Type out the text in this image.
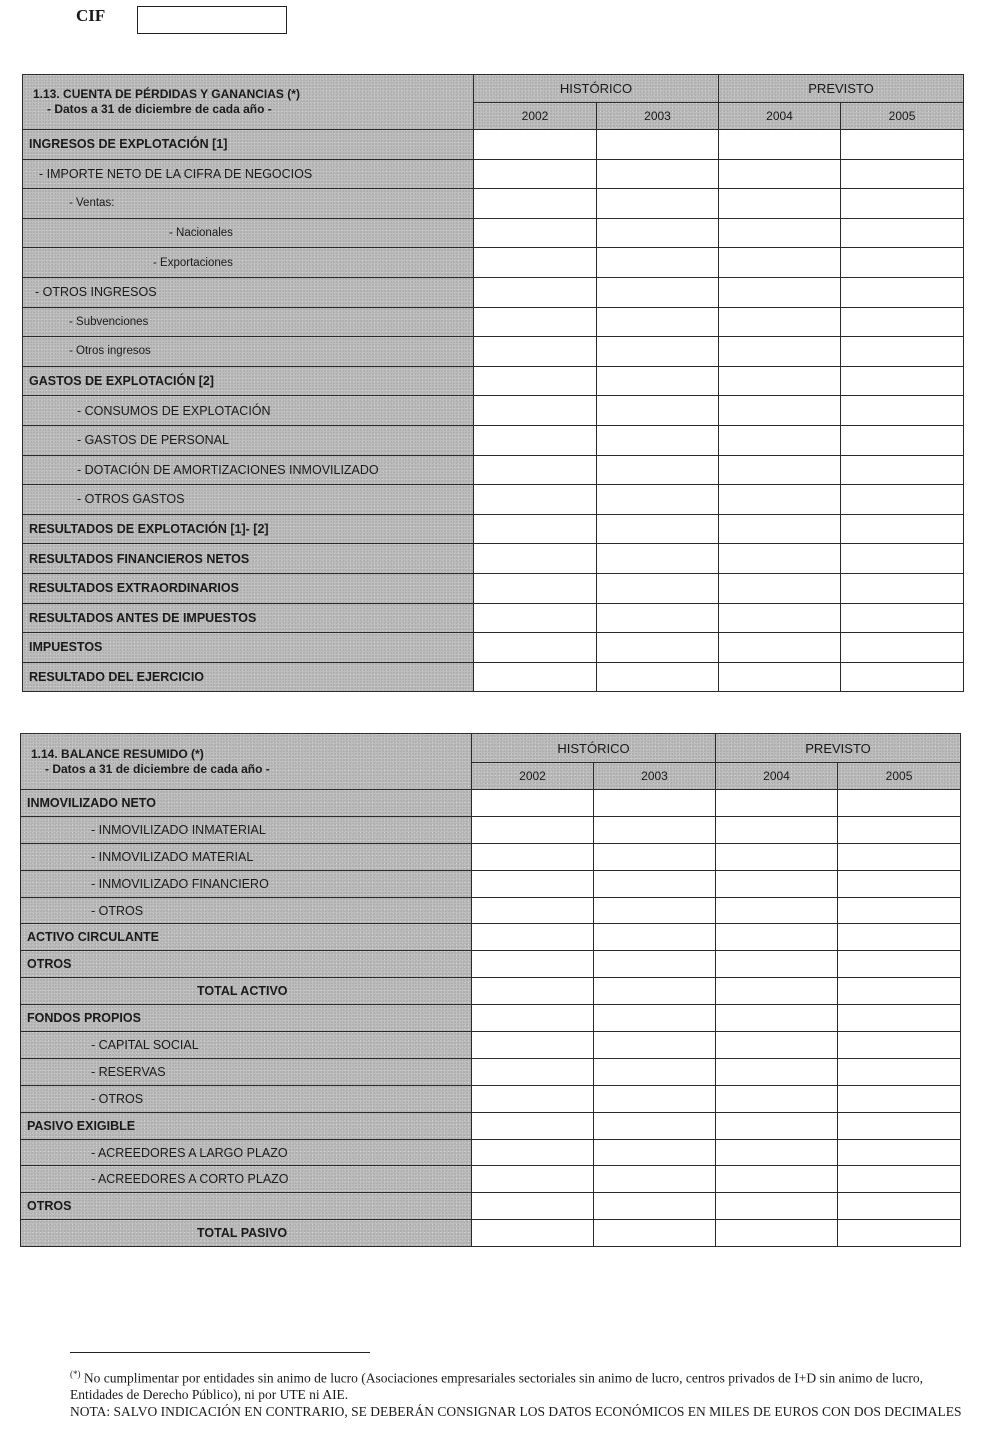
CIF
1.13. CUENTA DE PÉRDIDAS Y GANANCIAS (*)
- Datos a 31 de diciembre de cada año -	HISTÓRICO		PREVISTO	
	2002	2003	2004	2005
INGRESOS DE EXPLOTACIÓN [1]				
- IMPORTE NETO DE LA CIFRA DE NEGOCIOS				
- Ventas:				
- Nacionales				
- Exportaciones				
- OTROS INGRESOS				
- Subvenciones				
- Otros ingresos				
GASTOS DE EXPLOTACIÓN [2]				
- CONSUMOS DE EXPLOTACIÓN				
- GASTOS DE PERSONAL				
- DOTACIÓN DE AMORTIZACIONES INMOVILIZADO				
- OTROS GASTOS				
RESULTADOS DE EXPLOTACIÓN [1]- [2]				
RESULTADOS FINANCIEROS NETOS				
RESULTADOS EXTRAORDINARIOS				
RESULTADOS ANTES DE IMPUESTOS				
IMPUESTOS				
RESULTADO DEL EJERCICIO				
1.14. BALANCE RESUMIDO (*)
- Datos a 31 de diciembre de cada año -	HISTÓRICO		PREVISTO	
	2002	2003	2004	2005
INMOVILIZADO NETO				
- INMOVILIZADO INMATERIAL				
- INMOVILIZADO MATERIAL				
- INMOVILIZADO FINANCIERO				
- OTROS				
ACTIVO CIRCULANTE				
OTROS				
TOTAL ACTIVO				
FONDOS PROPIOS				
- CAPITAL SOCIAL				
- RESERVAS				
- OTROS				
PASIVO EXIGIBLE				
- ACREEDORES A LARGO PLAZO				
- ACREEDORES A CORTO PLAZO				
OTROS				
TOTAL PASIVO				
(*) No cumplimentar por entidades sin animo de lucro (Asociaciones empresariales sectoriales sin animo de lucro, centros privados de I+D sin animo de lucro, Entidades de Derecho Público), ni por UTE ni AIE.
NOTA: SALVO INDICACIÓN EN CONTRARIO, SE DEBERÁN CONSIGNAR LOS DATOS ECONÓMICOS EN MILES DE EUROS CON DOS DECIMALES
